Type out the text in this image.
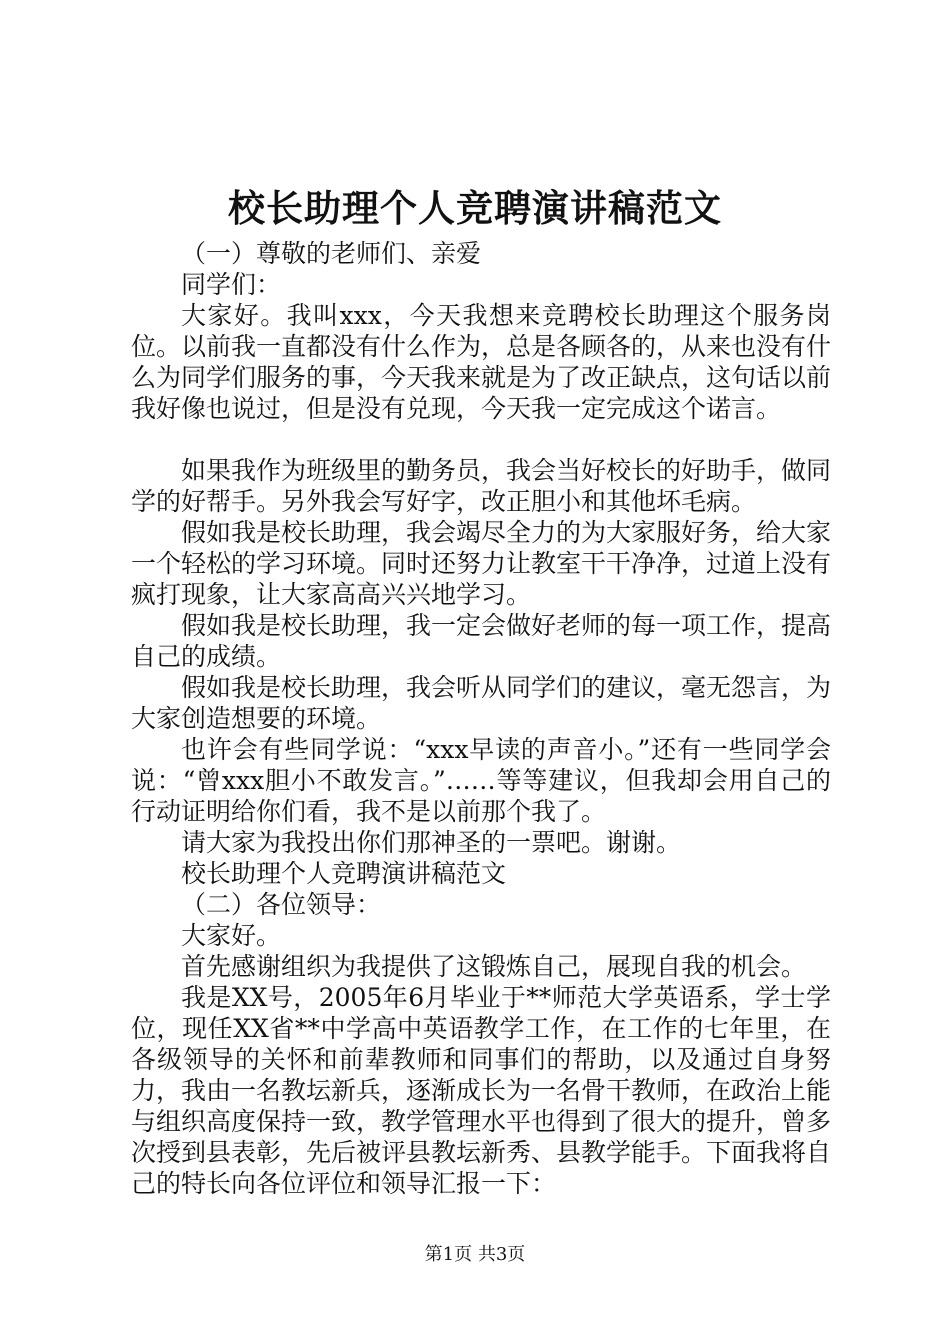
校长助理个人竞聘演讲稿范文

（一）尊敬的老师们、亲爱

同学们：

大家好。我叫xxx，今天我想来竞聘校长助理这个服务岗位。以前我一直都没有什么作为，总是各顾各的，从来也没有什么为同学们服务的事，今天我来就是为了改正缺点，这句话以前我好像也说过，但是没有兑现，今天我一定完成这个诺言。

如果我作为班级里的勤务员，我会当好校长的好助手，做同学的好帮手。另外我会写好字，改正胆小和其他坏毛病。

假如我是校长助理，我会竭尽全力的为大家服好务，给大家一个轻松的学习环境。同时还努力让教室干干净净，过道上没有疯打现象，让大家高高兴兴地学习。

假如我是校长助理，我一定会做好老师的每一项工作，提高自己的成绩。

假如我是校长助理，我会听从同学们的建议，毫无怨言，为大家创造想要的环境。

也许会有些同学说：“xxx早读的声音小。”还有一些同学会说：“曾xxx胆小不敢发言。”……等等建议，但我却会用自己的行动证明给你们看，我不是以前那个我了。

请大家为我投出你们那神圣的一票吧。谢谢。

校长助理个人竞聘演讲稿范文

（二）各位领导：

大家好。

首先感谢组织为我提供了这锻炼自己，展现自我的机会。

我是XX号，2005年6月毕业于**师范大学英语系，学士学位，现任XX省**中学高中英语教学工作，在工作的七年里，在各级领导的关怀和前辈教师和同事们的帮助，以及通过自身努力，我由一名教坛新兵，逐渐成长为一名骨干教师，在政治上能与组织高度保持一致，教学管理水平也得到了很大的提升，曾多次授到县表彰，先后被评县教坛新秀、县教学能手。下面我将自己的特长向各位评位和领导汇报一下：

第1页 共3页
